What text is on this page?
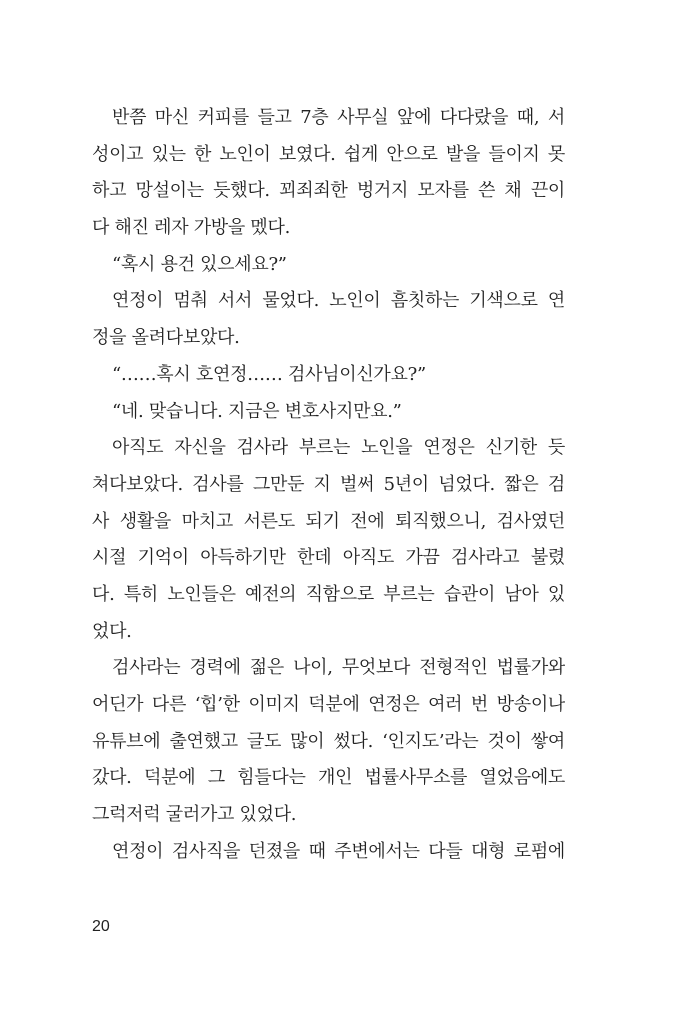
반쯤 마신 커피를 들고 7층 사무실 앞에 다다랐을 때, 서
성이고 있는 한 노인이 보였다. 쉽게 안으로 발을 들이지 못
하고 망설이는 듯했다. 꾀죄죄한 벙거지 모자를 쓴 채 끈이
다 해진 레자 가방을 멨다.
“혹시 용건 있으세요?”
연정이 멈춰 서서 물었다. 노인이 흠칫하는 기색으로 연
정을 올려다보았다.
“……혹시 호연정…… 검사님이신가요?”
“네. 맞습니다. 지금은 변호사지만요.”
아직도 자신을 검사라 부르는 노인을 연정은 신기한 듯
쳐다보았다. 검사를 그만둔 지 벌써 5년이 넘었다. 짧은 검
사 생활을 마치고 서른도 되기 전에 퇴직했으니, 검사였던
시절 기억이 아득하기만 한데 아직도 가끔 검사라고 불렸
다. 특히 노인들은 예전의 직함으로 부르는 습관이 남아 있
었다.
검사라는 경력에 젊은 나이, 무엇보다 전형적인 법률가와
어딘가 다른 ‘힙’한 이미지 덕분에 연정은 여러 번 방송이나
유튜브에 출연했고 글도 많이 썼다. ‘인지도’라는 것이 쌓여
갔다. 덕분에 그 힘들다는 개인 법률사무소를 열었음에도
그럭저럭 굴러가고 있었다.
연정이 검사직을 던졌을 때 주변에서는 다들 대형 로펌에
20
